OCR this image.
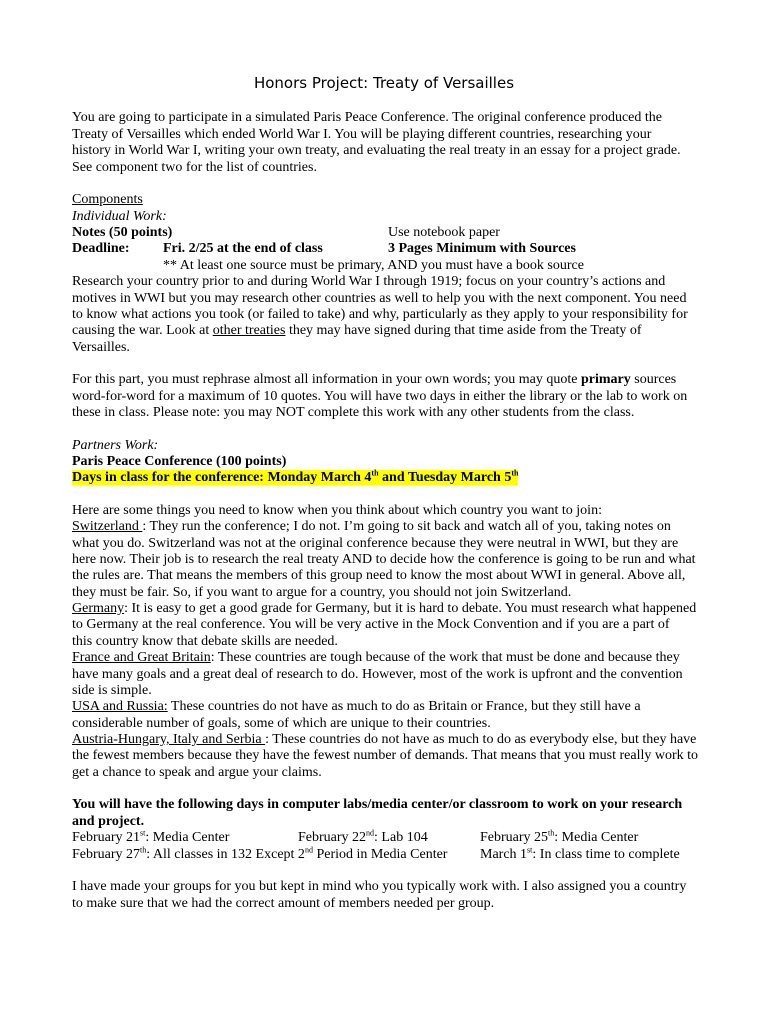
Honors Project: Treaty of Versailles
You are going to participate in a simulated Paris Peace Conference. The original conference produced the
Treaty of Versailles which ended World War I. You will be playing different countries, researching your
history in World War I, writing your own treaty, and evaluating the real treaty in an essay for a project grade.
See component two for the list of countries.
Components
Individual Work:
Notes (50 points)	Use notebook paper
Deadline: Fri. 2/25 at the end of class	3 Pages Minimum with Sources
** At least one source must be primary, AND you must have a book source
Research your country prior to and during World War I through 1919; focus on your country’s actions and
motives in WWI but you may research other countries as well to help you with the next component. You need
to know what actions you took (or failed to take) and why, particularly as they apply to your responsibility for
causing the war. Look at other treaties they may have signed during that time aside from the Treaty of
Versailles.
For this part, you must rephrase almost all information in your own words; you may quote primary sources
word-for-word for a maximum of 10 quotes. You will have two days in either the library or the lab to work on
these in class. Please note: you may NOT complete this work with any other students from the class.
Partners Work:
Paris Peace Conference (100 points)
Days in class for the conference: Monday March 4th and Tuesday March 5th
Here are some things you need to know when you think about which country you want to join:
Switzerland : They run the conference; I do not. I’m going to sit back and watch all of you, taking notes on
what you do. Switzerland was not at the original conference because they were neutral in WWI, but they are
here now. Their job is to research the real treaty AND to decide how the conference is going to be run and what
the rules are. That means the members of this group need to know the most about WWI in general. Above all,
they must be fair. So, if you want to argue for a country, you should not join Switzerland.
Germany: It is easy to get a good grade for Germany, but it is hard to debate. You must research what happened
to Germany at the real conference. You will be very active in the Mock Convention and if you are a part of
this country know that debate skills are needed.
France and Great Britain: These countries are tough because of the work that must be done and because they
have many goals and a great deal of research to do. However, most of the work is upfront and the convention
side is simple.
USA and Russia: These countries do not have as much to do as Britain or France, but they still have a
considerable number of goals, some of which are unique to their countries.
Austria-Hungary, Italy and Serbia : These countries do not have as much to do as everybody else, but they have
the fewest members because they have the fewest number of demands. That means that you must really work to
get a chance to speak and argue your claims.
You will have the following days in computer labs/media center/or classroom to work on your research
and project.
February 21st: Media Center	February 22nd: Lab 104	February 25th: Media Center
February 27th: All classes in 132 Except 2nd Period in Media Center March 1st: In class time to complete
I have made your groups for you but kept in mind who you typically work with. I also assigned you a country
to make sure that we had the correct amount of members needed per group.
